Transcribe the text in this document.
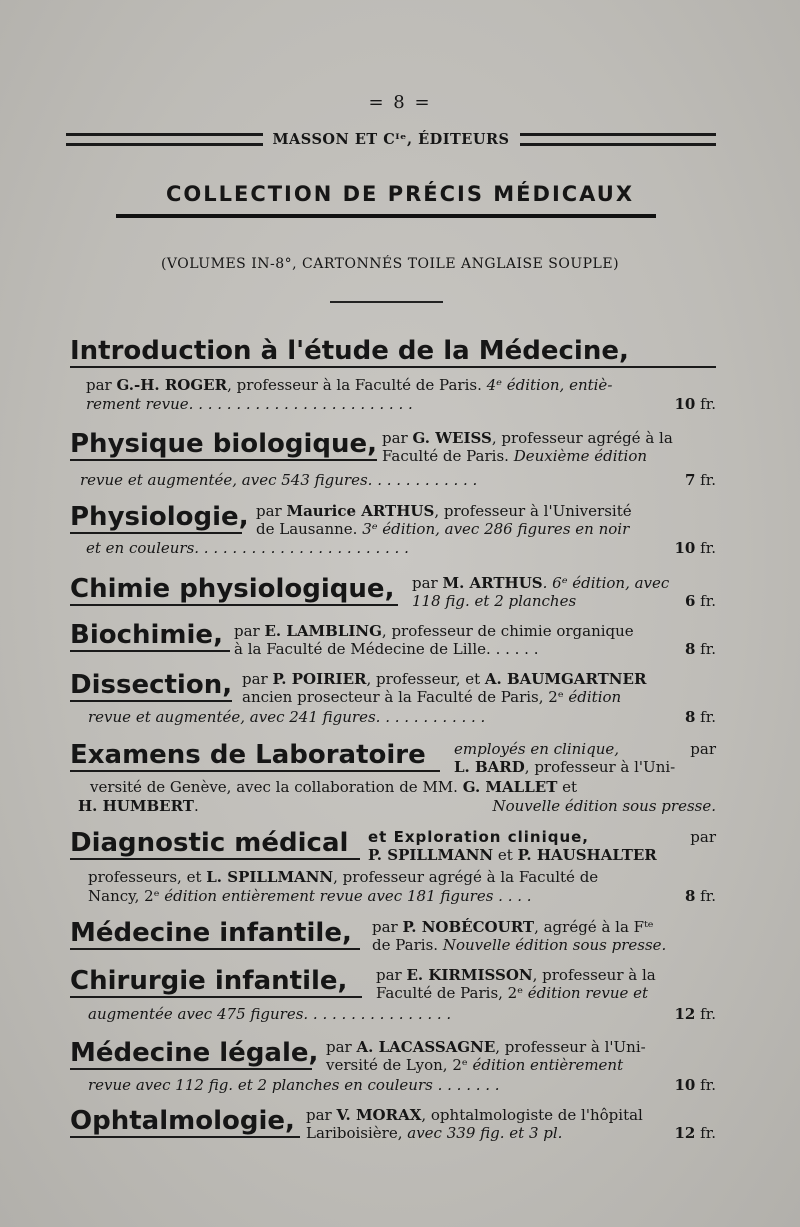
= 8 =
MASSON ET Cᴵᵉ, ÉDITEURS
COLLECTION DE PRÉCIS MÉDICAUX
(VOLUMES IN-8°, CARTONNÉS TOILE ANGLAISE SOUPLE)
Introduction à l'étude de la Médecine,
par G.-H. ROGER, professeur à la Faculté de Paris. 4ᵉ édition, entiè-
rement revue. . . . . . . . . . . . . . . . . . . . . . . .	10 fr.
Physique biologique, par G. WEISS, professeur agrégé à la
Faculté de Paris. Deuxième édition
revue et augmentée, avec 543 figures. . . . . . . . . . . .	7 fr.
Physiologie, par Maurice ARTHUS, professeur à l'Université
de Lausanne. 3ᵉ édition, avec 286 figures en noir
et en couleurs. . . . . . . . . . . . . . . . . . . . . . .	10 fr.
Chimie physiologique,	par M. ARTHUS. 6ᵉ édition, avec
118 fig. et 2 planches	6 fr.
Biochimie, par E. LAMBLING, professeur de chimie organique
à la Faculté de Médecine de Lille. . . . . .	8 fr.
Dissection, par P. POIRIER, professeur, et A. BAUMGARTNER
ancien prosecteur à la Faculté de Paris, 2ᵉ édition
revue et augmentée, avec 241 figures. . . . . . . . . . . .	8 fr.
Examens de Laboratoire	employés en clinique,	par
L. BARD, professeur à l'Uni-
versité de Genève, avec la collaboration de MM. G. MALLET et
H. HUMBERT.	Nouvelle édition sous presse.
Diagnostic médical	et Exploration clinique,	par
P. SPILLMANN et P. HAUSHALTER
professeurs, et L. SPILLMANN, professeur agrégé à la Faculté de
Nancy, 2ᵉ édition entièrement revue avec 181 figures . . . .	8 fr.
Médecine infantile,	par P. NOBÉCOURT, agrégé à la Fᵗᵉ
de Paris. Nouvelle édition sous presse.
Chirurgie infantile,	par E. KIRMISSON, professeur à la
Faculté de Paris, 2ᵉ édition revue et
augmentée avec 475 figures. . . . . . . . . . . . . . . .	12 fr.
Médecine légale, par A. LACASSAGNE, professeur à l'Uni-
versité de Lyon, 2ᵉ édition entièrement
revue avec 112 fig. et 2 planches en couleurs . . . . . . .	10 fr.
Ophtalmologie, par V. MORAX, ophtalmologiste de l'hôpital
Lariboisière, avec 339 fig. et 3 pl.	12 fr.
